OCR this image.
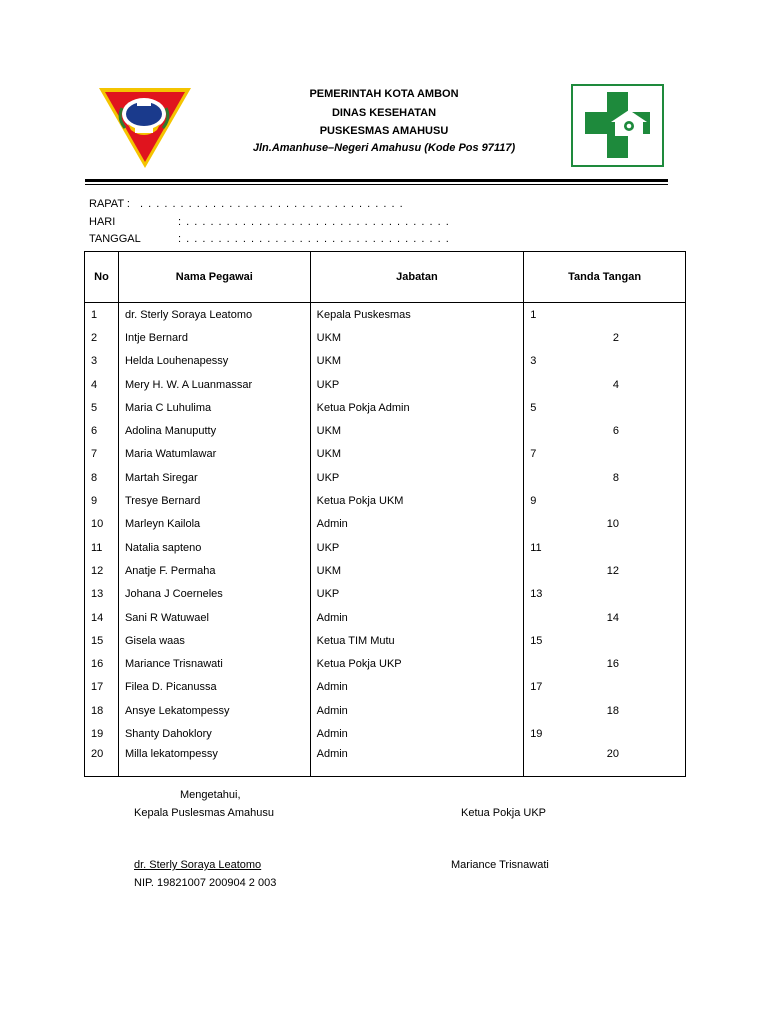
PEMERINTAH KOTA AMBON
DINAS KESEHATAN
PUSKESMAS AMAHUSU
Jln.Amanhuse–Negeri Amahusu (Kode Pos 97117)
RAPAT : . . . . . . . . . . . . . . . . . . . . . . . . . . . . . . . . .
HARI	: . . . . . . . . . . . . . . . . . . . . . . . . . . . . . . . . .
TANGGAL	: . . . . . . . . . . . . . . . . . . . . . . . . . . . . . . . . .
No	Nama Pegawai	Jabatan	Tanda Tangan
1	dr. Sterly Soraya Leatomo	Kepala Puskesmas	1
2	Intje Bernard	UKM	2
3	Helda Louhenapessy	UKM	3
4	Mery H. W. A Luanmassar	UKP	4
5	Maria C Luhulima	Ketua Pokja Admin	5
6	Adolina Manuputty	UKM	6
7	Maria Watumlawar	UKM	7
8	Martah Siregar	UKP	8
9	Tresye Bernard	Ketua Pokja UKM	9
10	Marleyn Kailola	Admin	10
11	Natalia sapteno	UKP	11
12	Anatje F. Permaha	UKM	12
13	Johana J Coerneles	UKP	13
14	Sani R Watuwael	Admin	14
15	Gisela waas	Ketua TIM Mutu	15
16	Mariance Trisnawati	Ketua Pokja UKP	16
17	Filea D. Picanussa	Admin	17
18	Ansye Lekatompessy	Admin	18
19	Shanty Dahoklory	Admin	19
20	Milla lekatompessy	Admin	20
Mengetahui,
Kepala Puslesmas Amahusu	Ketua Pokja UKP
dr. Sterly Soraya Leatomo
NIP. 19821007 200904 2 003
Mariance Trisnawati
